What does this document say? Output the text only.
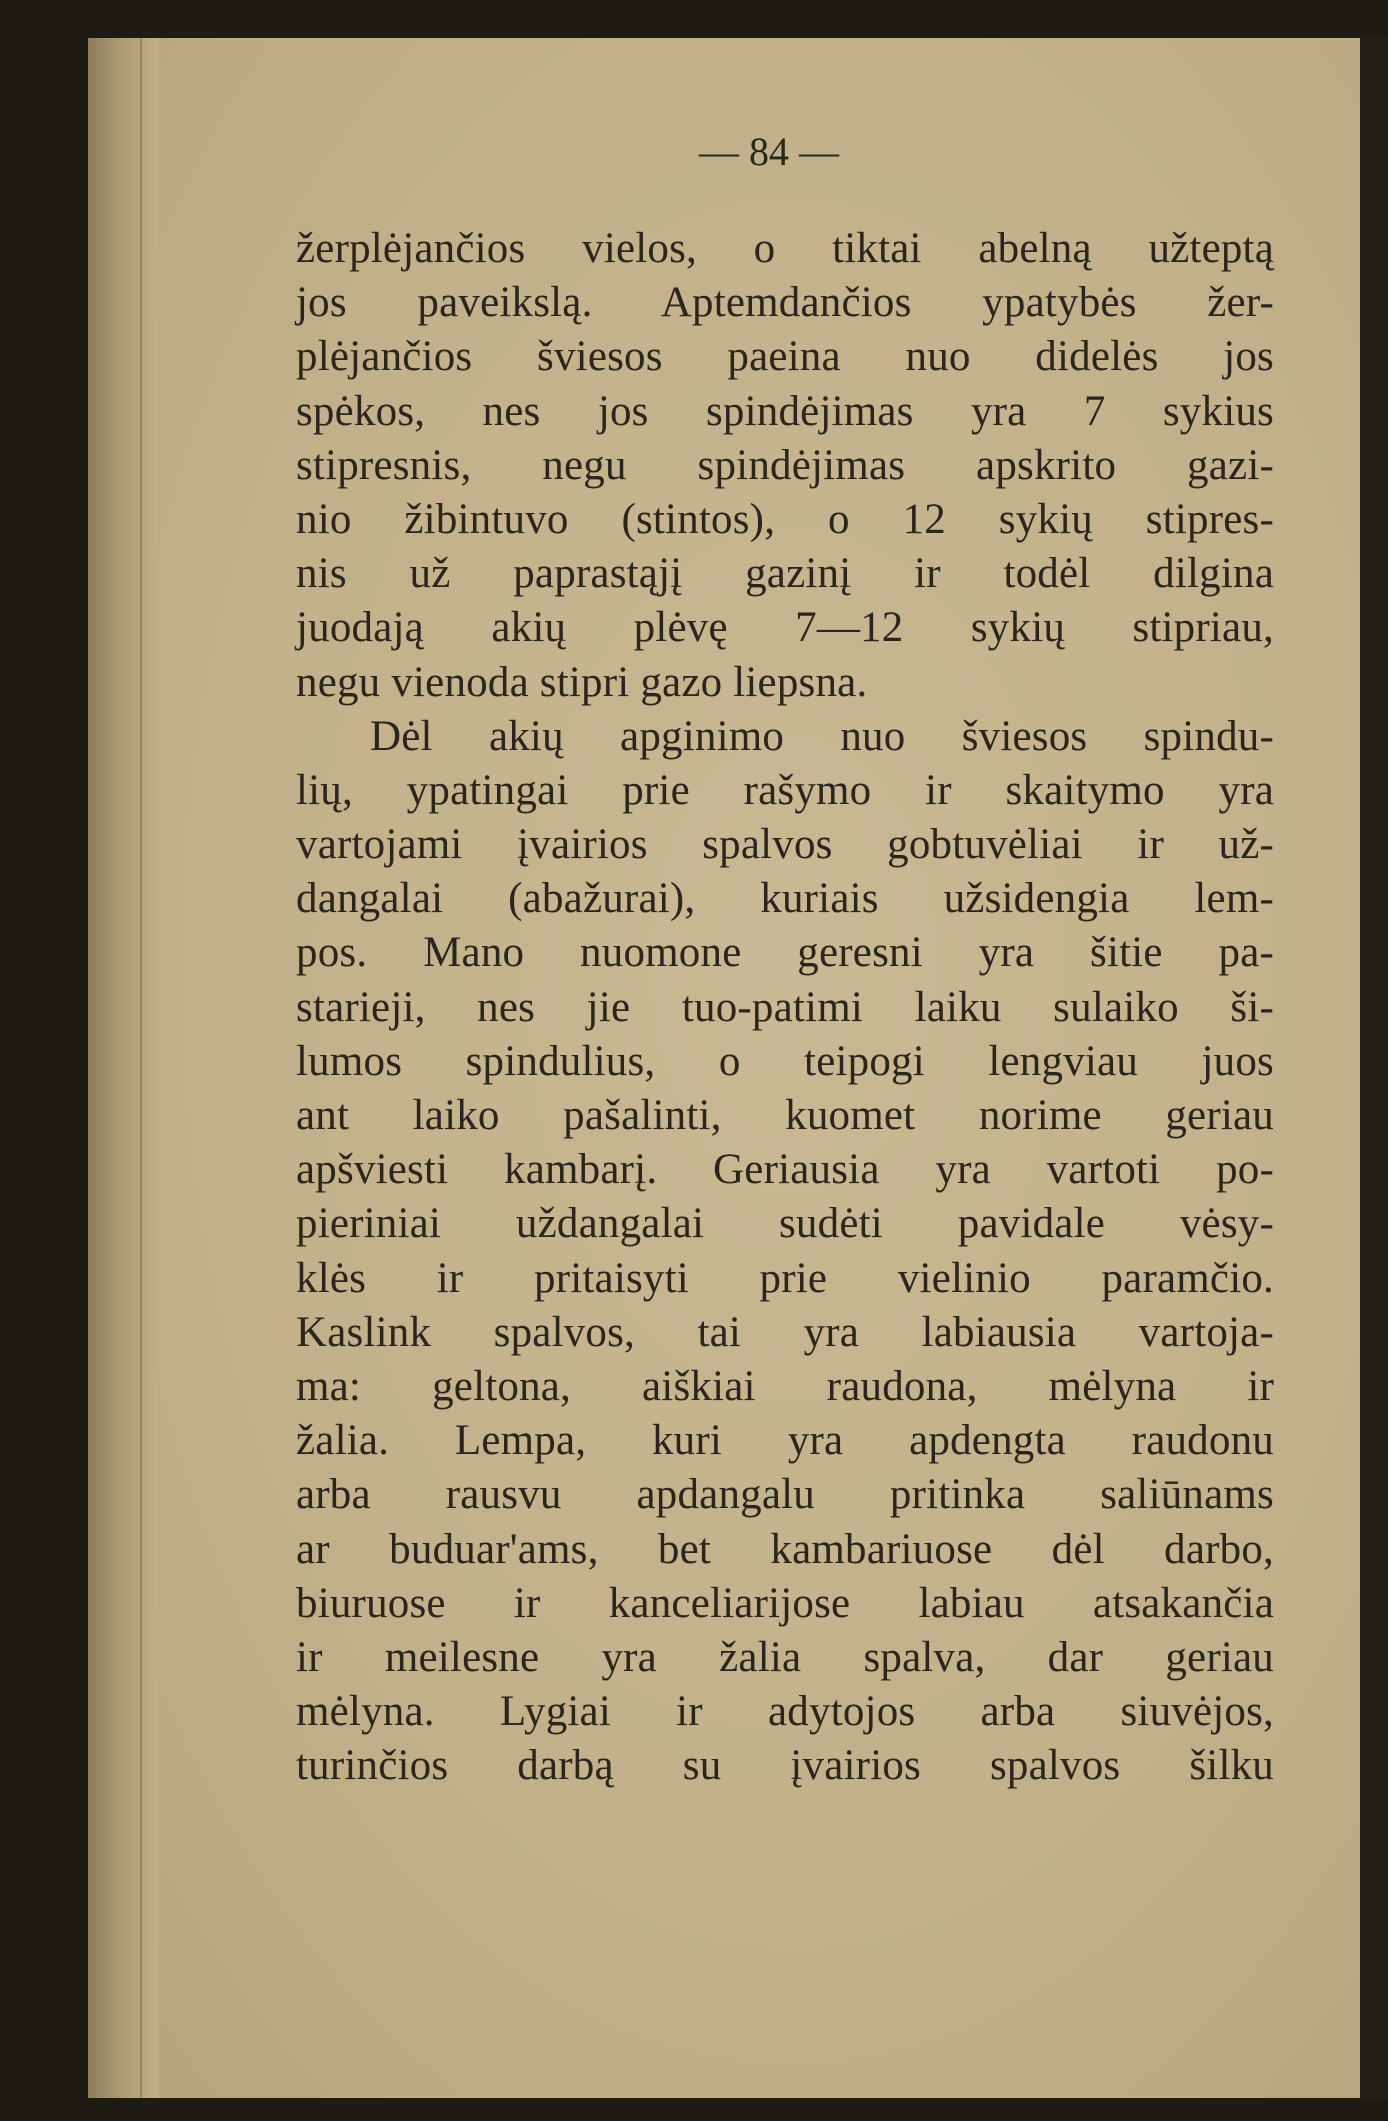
— 84 —
žerplėjančios vielos, o tiktai abelną užteptą
jos paveikslą. Aptemdančios ypatybės žer-
plėjančios šviesos paeina nuo didelės jos
spėkos, nes jos spindėjimas yra 7 sykius
stipresnis, negu spindėjimas apskrito gazi-
nio žibintuvo (stintos), o 12 sykių stipres-
nis už paprastąjį gazinį ir todėl dilgina
juodają akių plėvę 7—12 sykių stipriau,
negu vienoda stipri gazo liepsna.
Dėl akių apginimo nuo šviesos spindu-
lių, ypatingai prie rašymo ir skaitymo yra
vartojami įvairios spalvos gobtuvėliai ir už-
dangalai (abažurai), kuriais užsidengia lem-
pos. Mano nuomone geresni yra šitie pa-
starieji, nes jie tuo-patimi laiku sulaiko ši-
lumos spindulius, o teipogi lengviau juos
ant laiko pašalinti, kuomet norime geriau
apšviesti kambarį. Geriausia yra vartoti po-
pieriniai uždangalai sudėti pavidale vėsy-
klės ir pritaisyti prie vielinio paramčio.
Kaslink spalvos, tai yra labiausia vartoja-
ma: geltona, aiškiai raudona, mėlyna ir
žalia. Lempa, kuri yra apdengta raudonu
arba rausvu apdangalu pritinka saliūnams
ar buduar'ams, bet kambariuose dėl darbo,
biuruose ir kanceliarijose labiau atsakančia
ir meilesne yra žalia spalva, dar geriau
mėlyna. Lygiai ir adytojos arba siuvėjos,
turinčios darbą su įvairios spalvos šilku
